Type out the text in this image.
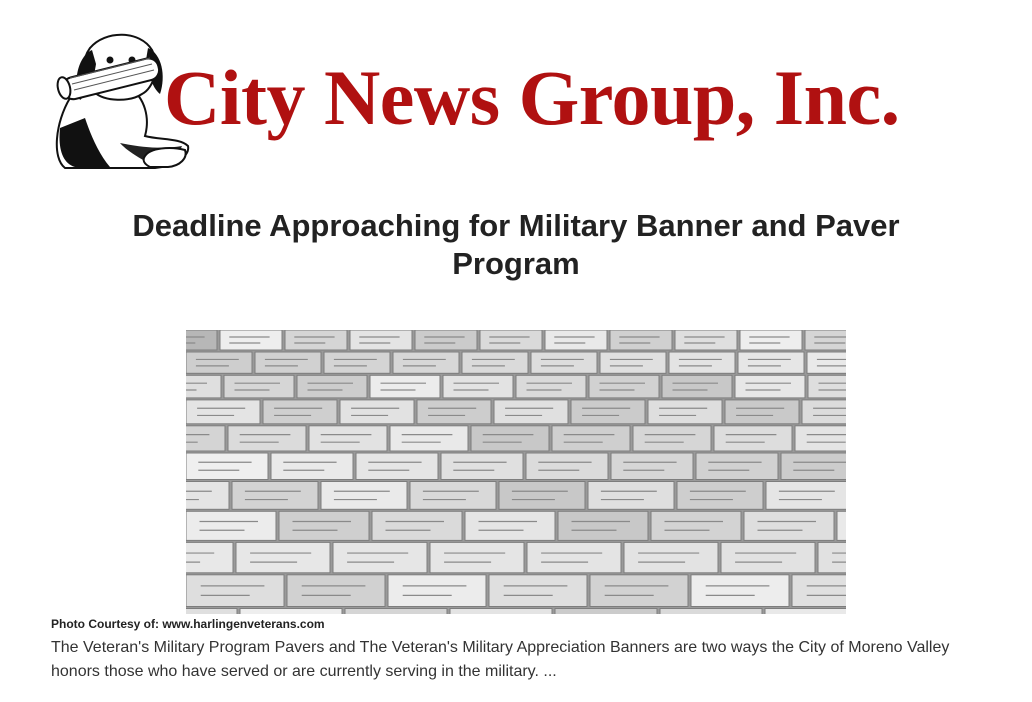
City News Group, Inc.
Deadline Approaching for Military Banner and Paver Program
Photo Courtesy of: www.harlingenveterans.com

The Veteran's Military Program Pavers and The Veteran's Military Appreciation Banners are two ways the City of Moreno Valley honors those who have served or are currently serving in the military. ...
